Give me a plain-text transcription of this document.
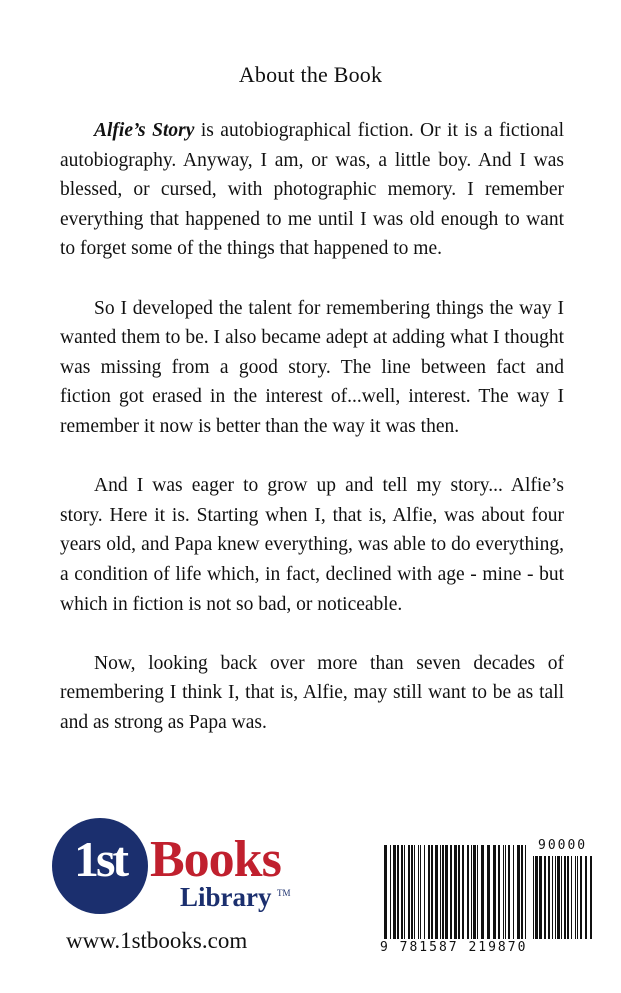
About the Book

Alfie’s Story is autobiographical fiction. Or it is a fictional autobiography. Anyway, I am, or was, a little boy. And I was blessed, or cursed, with photographic memory. I remember everything that happened to me until I was old enough to want to forget some of the things that happened to me.

So I developed the talent for remembering things the way I wanted them to be. I also became adept at adding what I thought was missing from a good story. The line between fact and fiction got erased in the interest of...well, interest. The way I remember it now is better than the way it was then.

And I was eager to grow up and tell my story... Alfie’s story. Here it is. Starting when I, that is, Alfie, was about four years old, and Papa knew everything, was able to do everything, a condition of life which, in fact, declined with age - mine - but which in fiction is not so bad, or noticeable.

Now, looking back over more than seven decades of remembering I think I, that is, Alfie, may still want to be as tall and as strong as Papa was.

1st Books
Library TM
www.1stbooks.com
90000
9 781587 219870
